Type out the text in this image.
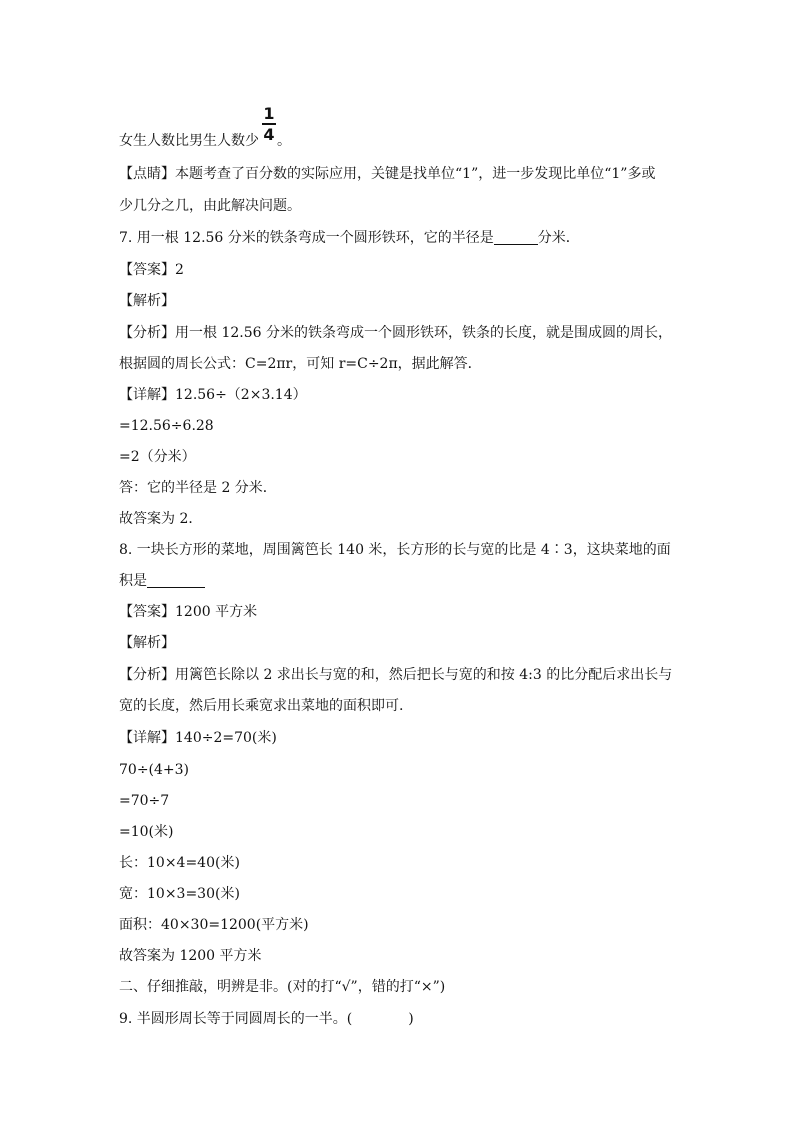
女生人数比男生人数少 。
1
4
【点睛】本题考查了百分数的实际应用，关键是找单位“1”，进一步发现比单位“1”多或
少几分之几，由此解决问题。
7. 用一根 12.56 分米的铁条弯成一个圆形铁环，它的半径是	分米．
【答案】2
【解析】
【分析】用一根 12.56 分米的铁条弯成一个圆形铁环，铁条的长度，就是围成圆的周长，
根据圆的周长公式：C=2πr，可知 r=C÷2π，据此解答．
【详解】12.56÷（2×3.14）
=12.56÷6.28
=2（分米）
答：它的半径是 2 分米．
故答案为 2．
8. 一块长方形的菜地，周围篱笆长 140 米，长方形的长与宽的比是 4∶3，这块菜地的面
积是
【答案】1200 平方米
【解析】
【分析】用篱笆长除以 2 求出长与宽的和，然后把长与宽的和按 4:3 的比分配后求出长与
宽的长度，然后用长乘宽求出菜地的面积即可.
【详解】140÷2=70(米)
70÷(4+3)
=70÷7
=10(米)
长：10×4=40(米)
宽：10×3=30(米)
面积：40×30=1200(平方米)
故答案为 1200 平方米
二、仔细推敲，明辨是非。(对的打“√”，错的打“×”)
9. 半圆形周长等于同圆周长的一半。(　　　　)
